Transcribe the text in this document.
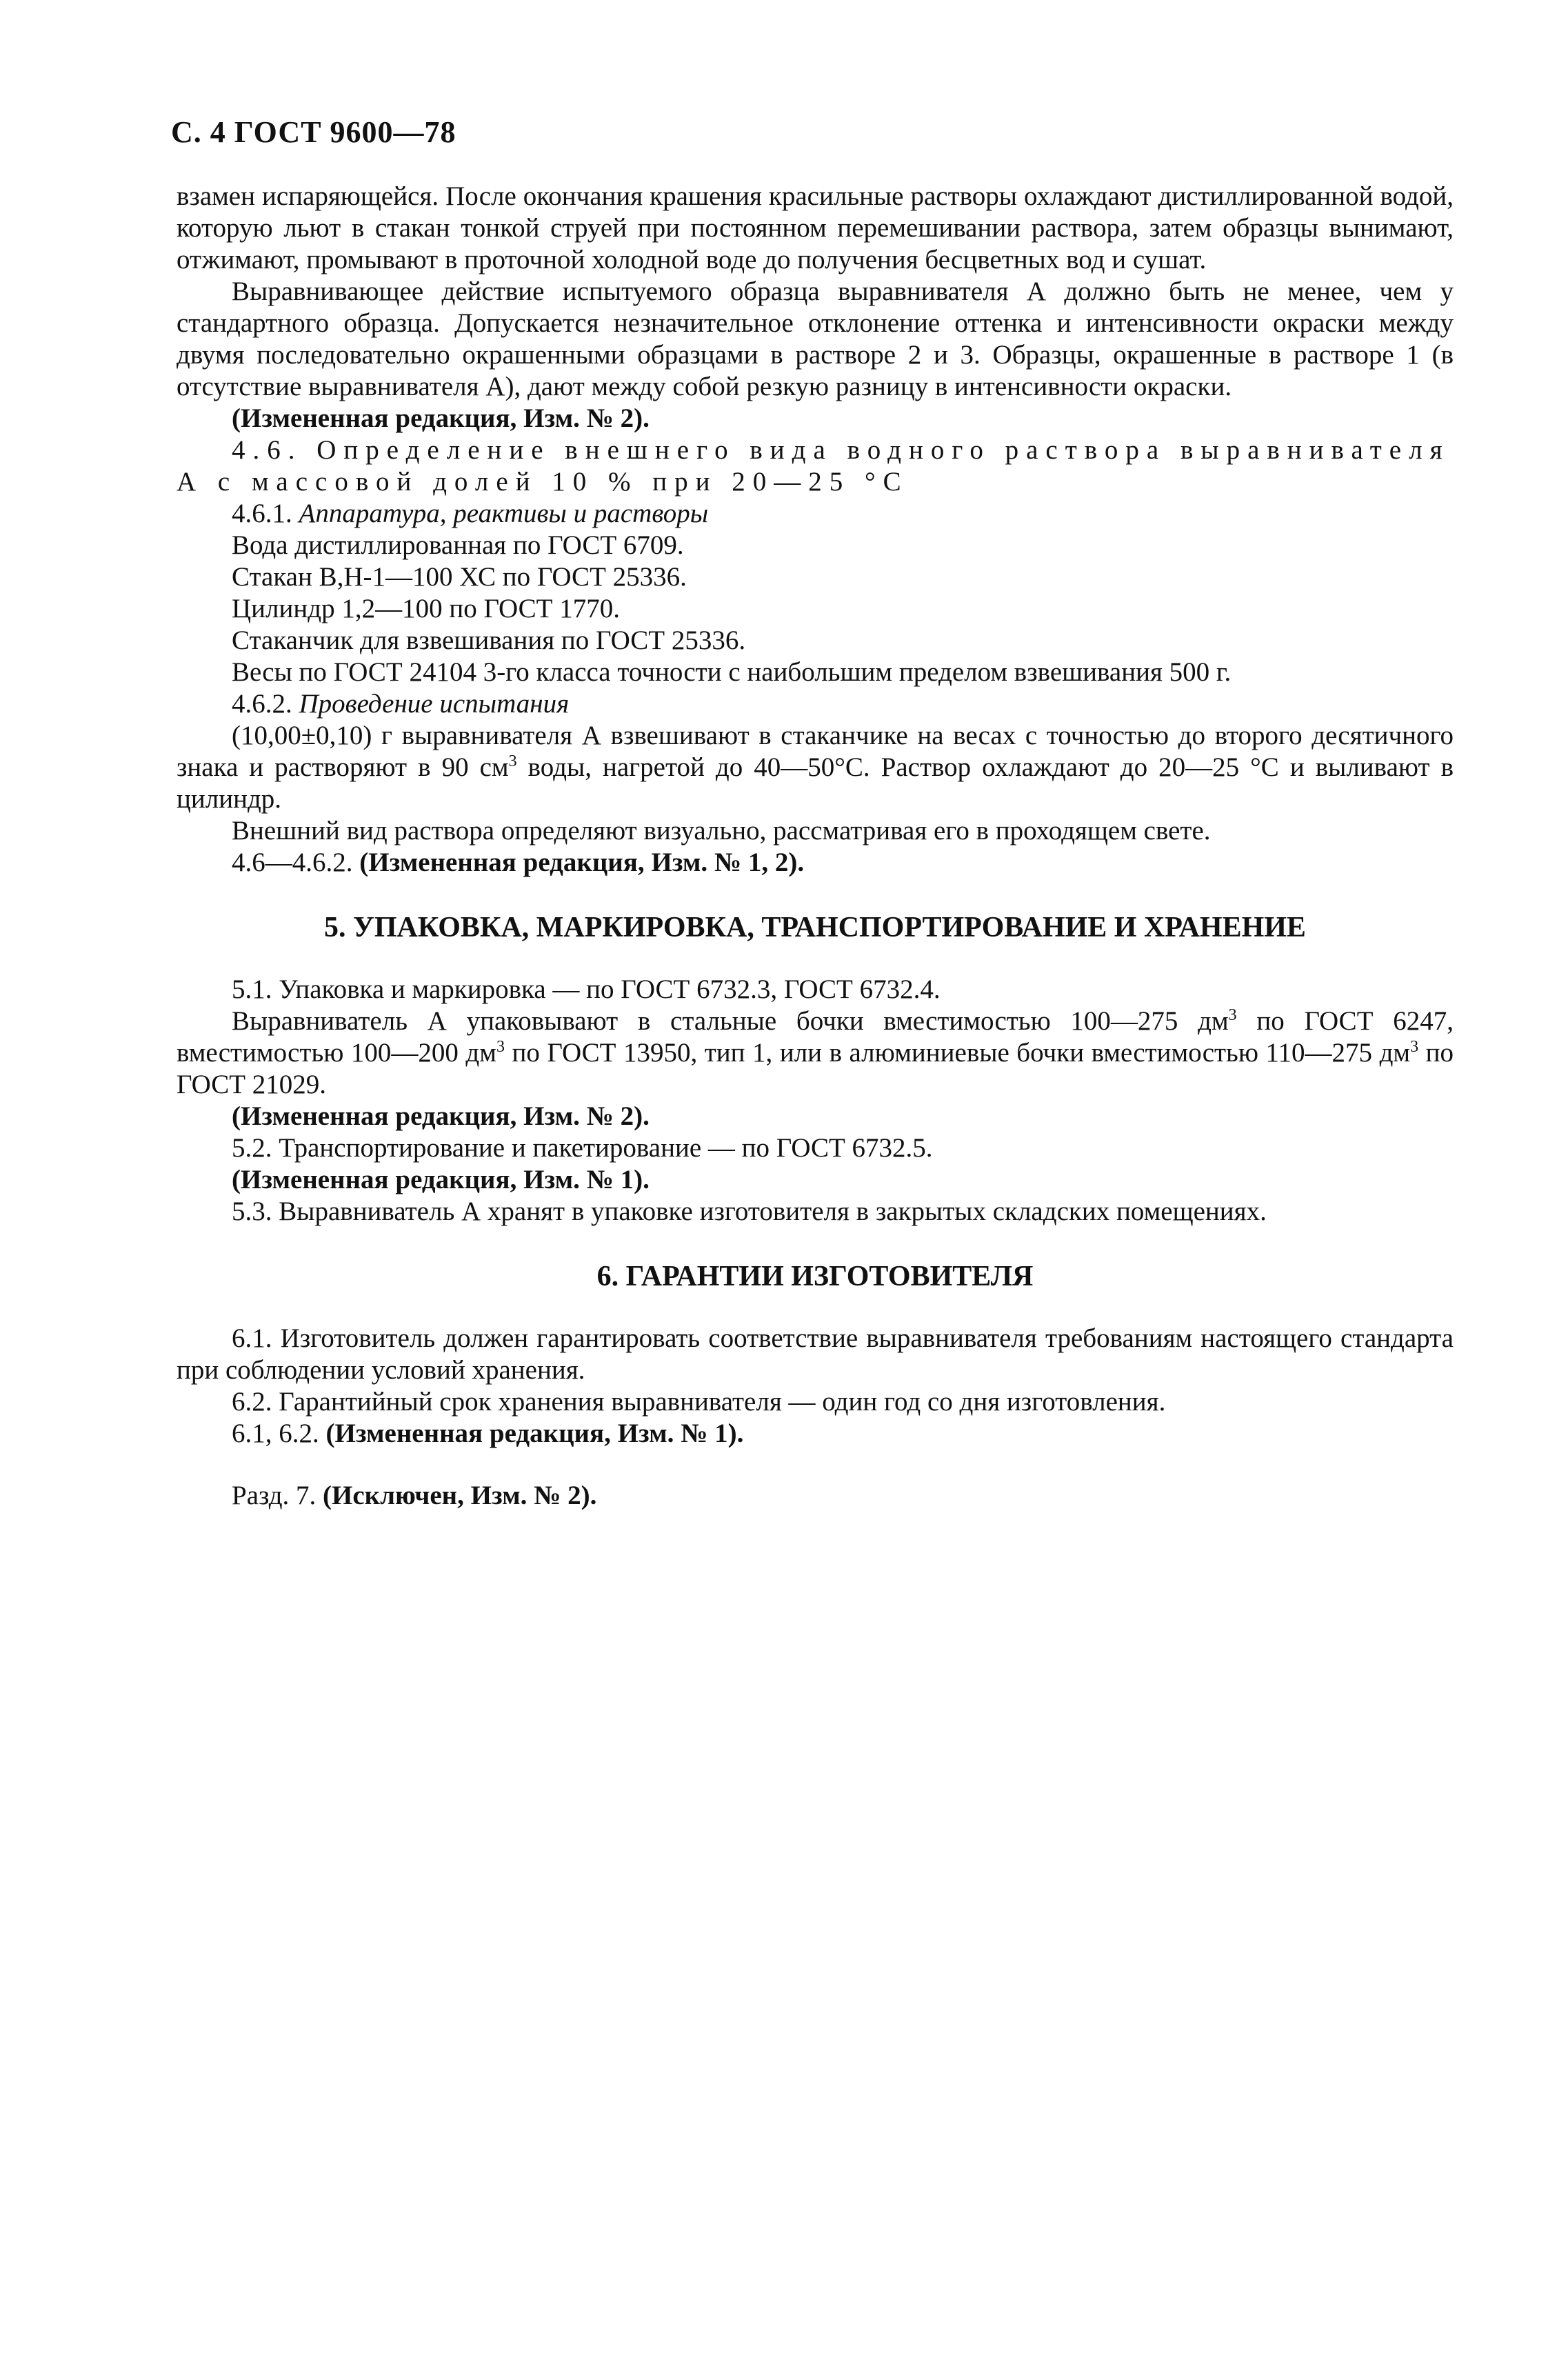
С. 4 ГОСТ 9600—78

взамен испаряющейся. После окончания крашения красильные растворы охлаждают дистиллированной водой, которую льют в стакан тонкой струей при постоянном перемешивании раствора, затем образцы вынимают, отжимают, промывают в проточной холодной воде до получения бесцветных вод и сушат.

Выравнивающее действие испытуемого образца выравнивателя А должно быть не менее, чем у стандартного образца. Допускается незначительное отклонение оттенка и интенсивности окраски между двумя последовательно окрашенными образцами в растворе 2 и 3. Образцы, окрашенные в растворе 1 (в отсутствие выравнивателя А), дают между собой резкую разницу в интенсивности окраски.

(Измененная редакция, Изм. № 2).

4.6. Определение внешнего вида водного раствора выравнивателя А с массовой долей 10 % при 20—25 °С

4.6.1. Аппаратура, реактивы и растворы

Вода дистиллированная по ГОСТ 6709.

Стакан В,Н-1—100 ХС по ГОСТ 25336.

Цилиндр 1,2—100 по ГОСТ 1770.

Стаканчик для взвешивания по ГОСТ 25336.

Весы по ГОСТ 24104 3-го класса точности с наибольшим пределом взвешивания 500 г.

4.6.2. Проведение испытания

(10,00±0,10) г выравнивателя А взвешивают в стаканчике на весах с точностью до второго десятичного знака и растворяют в 90 $см^3$ воды, нагретой до 40—50°С. Раствор охлаждают до 20—25 °С и выливают в цилиндр.

Внешний вид раствора определяют визуально, рассматривая его в проходящем свете.

4.6—4.6.2. (Измененная редакция, Изм. № 1, 2).

5. УПАКОВКА, МАРКИРОВКА, ТРАНСПОРТИРОВАНИЕ И ХРАНЕНИЕ

5.1. Упаковка и маркировка — по ГОСТ 6732.3, ГОСТ 6732.4.

Выравниватель А упаковывают в стальные бочки вместимостью 100—275 $дм^3$ по ГОСТ 6247, вместимостью 100—200 $дм^3$ по ГОСТ 13950, тип 1, или в алюминиевые бочки вместимостью 110—275 $дм^3$ по ГОСТ 21029.

(Измененная редакция, Изм. № 2).

5.2. Транспортирование и пакетирование — по ГОСТ 6732.5.

(Измененная редакция, Изм. № 1).

5.3. Выравниватель А хранят в упаковке изготовителя в закрытых складских помещениях.

6. ГАРАНТИИ ИЗГОТОВИТЕЛЯ

6.1. Изготовитель должен гарантировать соответствие выравнивателя требованиям настоящего стандарта при соблюдении условий хранения.

6.2. Гарантийный срок хранения выравнивателя — один год со дня изготовления.

6.1, 6.2. (Измененная редакция, Изм. № 1).

Разд. 7. (Исключен, Изм. № 2).
